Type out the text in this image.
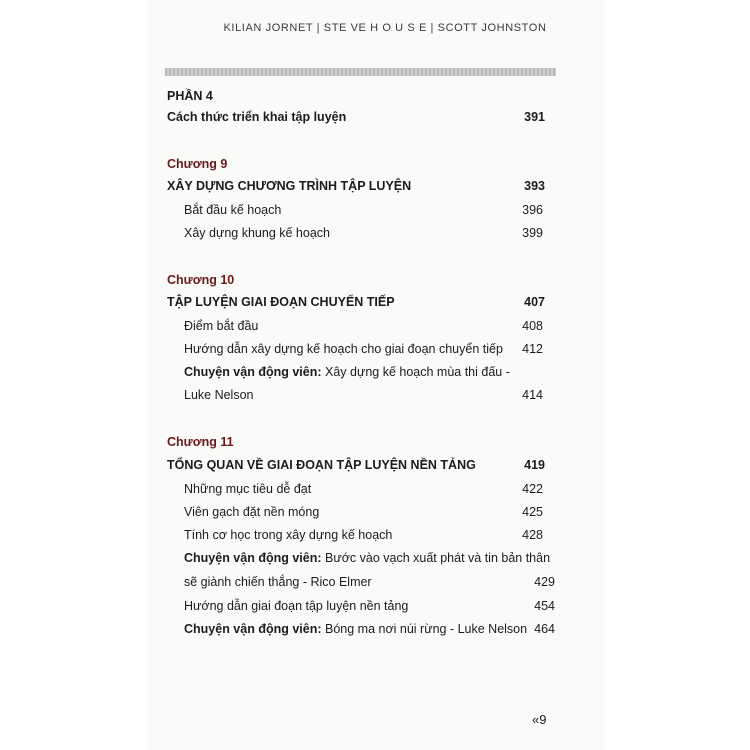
KILIAN JORNET | STE VE H O U S E | SCOTT JOHNSTON
PHẦN 4
Cách thức triển khai tập luyện	391
Chương 9
XÂY DỰNG CHƯƠNG TRÌNH TẬP LUYỆN	393
Bắt đầu kế hoạch	396
Xây dựng khung kế hoạch	399
Chương 10
TẬP LUYỆN GIAI ĐOẠN CHUYỂN TIẾP	407
Điểm bắt đầu	408
Hướng dẫn xây dựng kế hoạch cho giai đoạn chuyển tiếp 412
Chuyện vận động viên: Xây dựng kế hoạch mùa thi đấu -
Luke Nelson	414
Chương 11
TỔNG QUAN VỀ GIAI ĐOẠN TẬP LUYỆN NỀN TẢNG	419
Những mục tiêu dễ đạt	422
Viên gạch đặt nền móng	425
Tính cơ học trong xây dựng kế hoạch	428
Chuyện vận động viên: Bước vào vạch xuất phát và tin bản thân
sẽ giành chiến thắng - Rico Elmer	429
Hướng dẫn giai đoạn tập luyện nền tảng	454
Chuyện vận động viên: Bóng ma nơi núi rừng - Luke Nelson 464
«9
